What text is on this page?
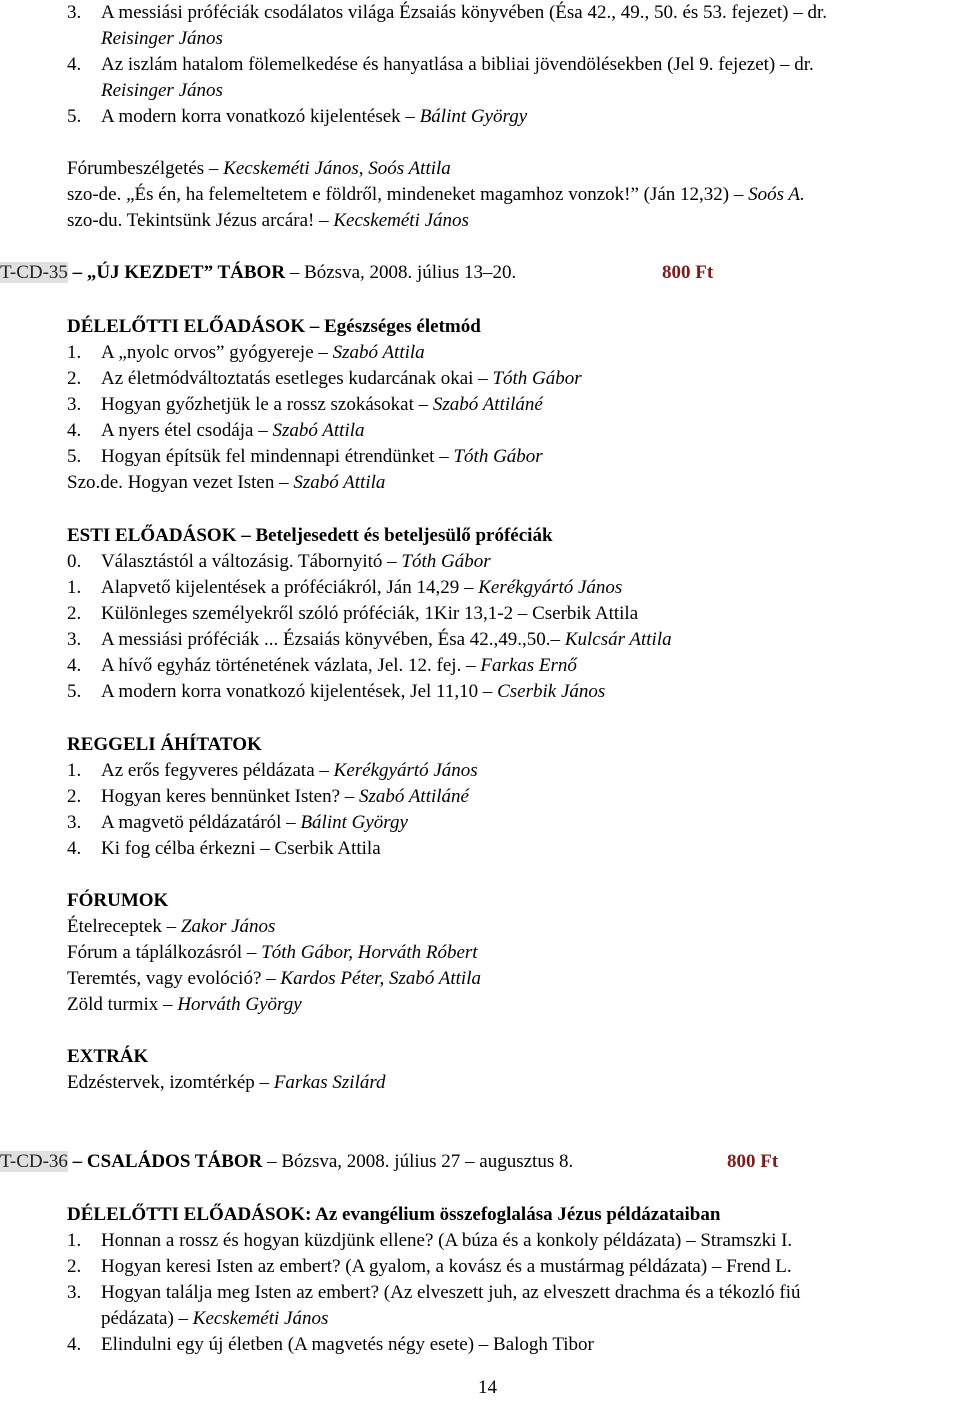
3. A messiási próféciák csodálatos világa Ézsaiás könyvében (Ésa 42., 49., 50. és 53. fejezet) – dr.
Reisinger János
4. Az iszlám hatalom fölemelkedése és hanyatlása a bibliai jövendölésekben (Jel 9. fejezet) – dr.
Reisinger János
5. A modern korra vonatkozó kijelentések – Bálint György
Fórumbeszélgetés – Kecskeméti János, Soós Attila
szo-de. „És én, ha felemeltetem e földről, mindeneket magamhoz vonzok!” (Ján 12,32) – Soós A.
szo-du. Tekintsünk Jézus arcára! – Kecskeméti János
T-CD-35 – „ÚJ KEZDET” TÁBOR – Bózsva, 2008. július 13–20.	800 Ft
DÉLELŐTTI ELŐADÁSOK – Egészséges életmód
1. A „nyolc orvos” gyógyereje – Szabó Attila
2. Az életmódváltoztatás esetleges kudarcának okai – Tóth Gábor
3. Hogyan győzhetjük le a rossz szokásokat – Szabó Attiláné
4. A nyers étel csodája – Szabó Attila
5. Hogyan építsük fel mindennapi étrendünket – Tóth Gábor
Szo.de. Hogyan vezet Isten – Szabó Attila
ESTI ELŐADÁSOK – Beteljesedett és beteljesülő próféciák
0. Választástól a változásig. Tábornyitó – Tóth Gábor
1. Alapvető kijelentések a próféciákról, Ján 14,29 – Kerékgyártó János
2. Különleges személyekről szóló próféciák, 1Kir 13,1-2 – Cserbik Attila
3. A messiási próféciák ... Ézsaiás könyvében, Ésa 42.,49.,50.– Kulcsár Attila
4. A hívő egyház történetének vázlata, Jel. 12. fej. – Farkas Ernő
5. A modern korra vonatkozó kijelentések, Jel 11,10 – Cserbik János
REGGELI ÁHÍTATOK
1. Az erős fegyveres példázata – Kerékgyártó János
2. Hogyan keres bennünket Isten? – Szabó Attiláné
3. A magvetö példázatáról – Bálint György
4. Ki fog célba érkezni – Cserbik Attila
FÓRUMOK
Ételreceptek – Zakor János
Fórum a táplálkozásról – Tóth Gábor, Horváth Róbert
Teremtés, vagy evolóció? – Kardos Péter, Szabó Attila
Zöld turmix – Horváth György
EXTRÁK
Edzéstervek, izomtérkép – Farkas Szilárd
T-CD-36 – CSALÁDOS TÁBOR – Bózsva, 2008. július 27 – augusztus 8.	800 Ft
DÉLELŐTTI ELŐADÁSOK: Az evangélium összefoglalása Jézus példázataiban
1. Honnan a rossz és hogyan küzdjünk ellene? (A búza és a konkoly példázata) – Stramszki I.
2. Hogyan keresi Isten az embert? (A gyalom, a kovász és a mustármag példázata) – Frend L.
3. Hogyan találja meg Isten az embert? (Az elveszett juh, az elveszett drachma és a tékozló fiú
pédázata) – Kecskeméti János
4. Elindulni egy új életben (A magvetés négy esete) – Balogh Tibor
14
